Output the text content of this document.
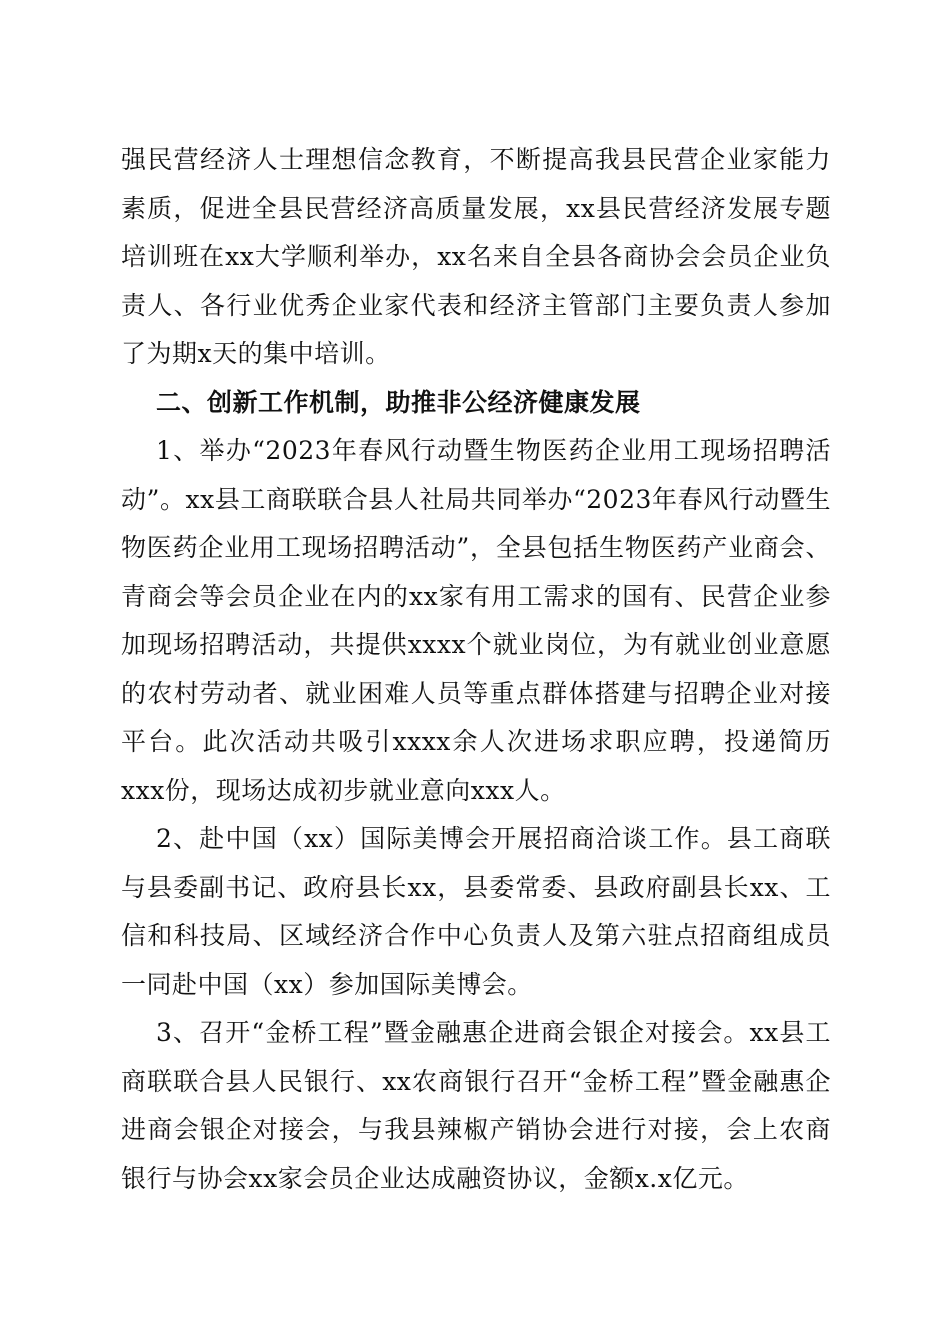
强民营经济人士理想信念教育，不断提高我县民营企业家能力素质，促进全县民营经济高质量发展，xx县民营经济发展专题培训班在xx大学顺利举办，xx名来自全县各商协会会员企业负责人、各行业优秀企业家代表和经济主管部门主要负责人参加了为期x天的集中培训。

二、创新工作机制，助推非公经济健康发展

1、举办“2023年春风行动暨生物医药企业用工现场招聘活动”。xx县工商联联合县人社局共同举办“2023年春风行动暨生物医药企业用工现场招聘活动”，全县包括生物医药产业商会、青商会等会员企业在内的xx家有用工需求的国有、民营企业参加现场招聘活动，共提供xxxx个就业岗位，为有就业创业意愿的农村劳动者、就业困难人员等重点群体搭建与招聘企业对接平台。此次活动共吸引xxxx余人次进场求职应聘，投递简历xxx份，现场达成初步就业意向xxx人。

2、赴中国（xx）国际美博会开展招商洽谈工作。县工商联与县委副书记、政府县长xx，县委常委、县政府副县长xx、工信和科技局、区域经济合作中心负责人及第六驻点招商组成员一同赴中国（xx）参加国际美博会。

3、召开“金桥工程”暨金融惠企进商会银企对接会。xx县工商联联合县人民银行、xx农商银行召开“金桥工程”暨金融惠企进商会银企对接会，与我县辣椒产销协会进行对接，会上农商银行与协会xx家会员企业达成融资协议，金额x.x亿元。
